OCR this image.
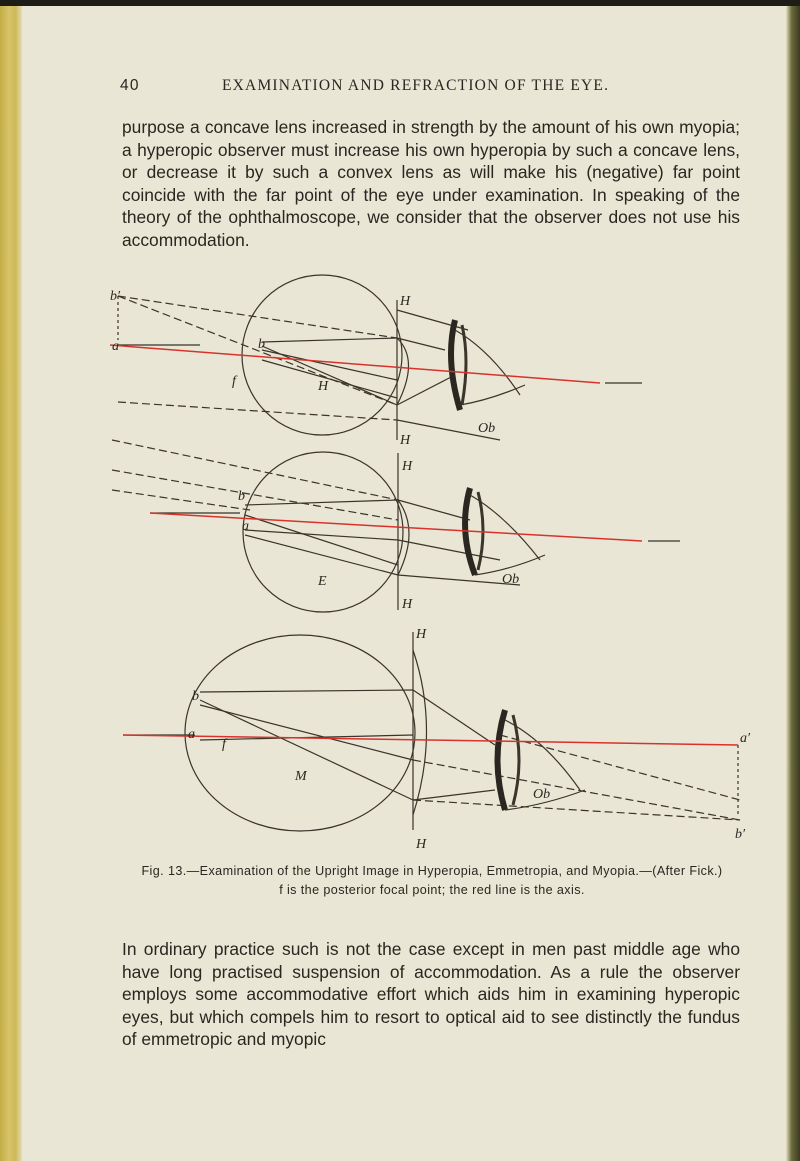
40	EXAMINATION AND REFRACTION OF THE EYE.
purpose a concave lens increased in strength by the amount of his own myopia; a hyperopic observer must increase his own hyperopia by such a concave lens, or decrease it by such a convex lens as will make his (negative) far point coincide with the far point of the eye under examination. In speaking of the theory of the ophthalmoscope, we consider that the observer does not use his accommodation.
b′
a	b
f
H
H
H
Ob
b
a
H
E	Ob
H
H
b
a
f
M
Ob
H
a′
b′
Fig. 13.—Examination of the Upright Image in Hyperopia, Emmetropia, and Myopia.—(After Fick.)
f is the posterior focal point; the red line is the axis.
In ordinary practice such is not the case except in men past middle age who have long practised suspension of accommodation. As a rule the observer employs some accommodative effort which aids him in examining hyperopic eyes, but which compels him to resort to optical aid to see distinctly the fundus of emmetropic and myopic
